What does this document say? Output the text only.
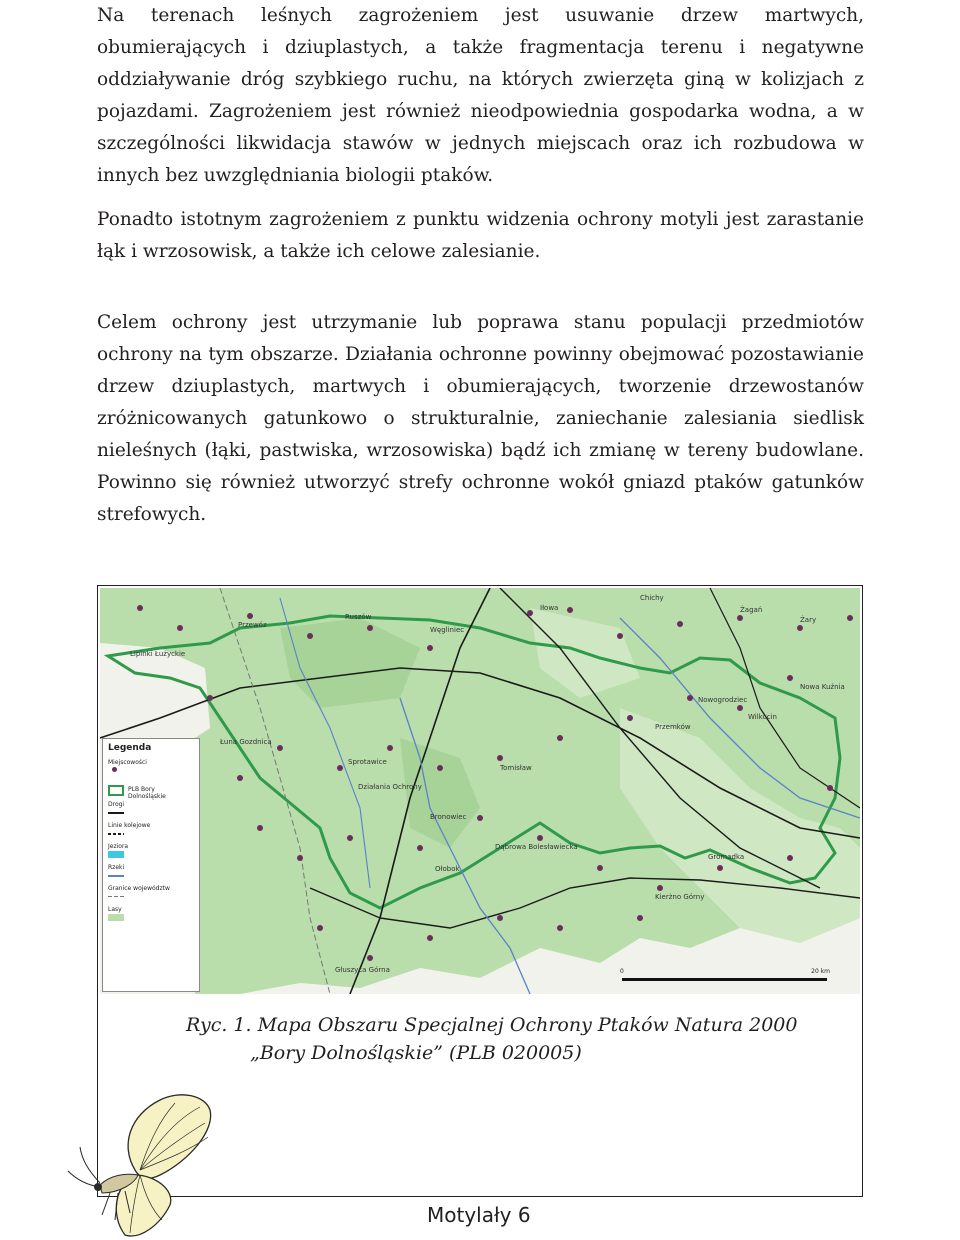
Na terenach leśnych zagrożeniem jest usuwanie drzew martwych, obumierających i dziuplastych, a także fragmentacja terenu i negatywne oddziaływanie dróg szybkiego ruchu, na których zwierzęta giną w kolizjach z pojazdami. Zagrożeniem jest również nieodpowiednia gospodarka wodna, a w szczególności likwidacja stawów w jednych miejscach oraz ich rozbudowa w innych bez uwzględniania biologii ptaków.
Ponadto istotnym zagrożeniem z punktu widzenia ochrony motyli jest zarastanie łąk i wrzosowisk, a także ich celowe zalesianie.
Celem ochrony jest utrzymanie lub poprawa stanu populacji przedmiotów ochrony na tym obszarze. Działania ochronne powinny obejmować pozostawianie drzew dziuplastych, martwych i obumierających, tworzenie drzewostanów zróżnicowanych gatunkowo o strukturalnie, zaniechanie zalesiania siedlisk nieleśnych (łąki, pastwiska, wrzosowiska) bądź ich zmianę w tereny budowlane. Powinno się również utworzyć strefy ochronne wokół gniazd ptaków gatunków strefowych.
Legenda
Miejscowości
PLB Bory Dolnośląskie
Drogi
Linie kolejowe
Jeziora
Rzeki
Granice województw
Lasy
Przewóz
Ruszów
Węgliniec
Iłowa
Chichy
Żagań
Żary
Lipinki Łużyckie
Nowogrodziec
Przemków
Gromadka
Nowa Kuźnia
Wilkocin
Łuna Gozdnica
Sprotawice
Dąbrowa Bolesławiecka
Bronowiec
Działania Ochrony
Tomisław
Ołobok
Kierżno Górny
Głuszyca Górna	0	20 km
Ryc. 1. Mapa Obszaru Specjalnej Ochrony Ptaków Natura 2000
„Bory Dolnośląskie” (PLB 020005)
Motylały 6
